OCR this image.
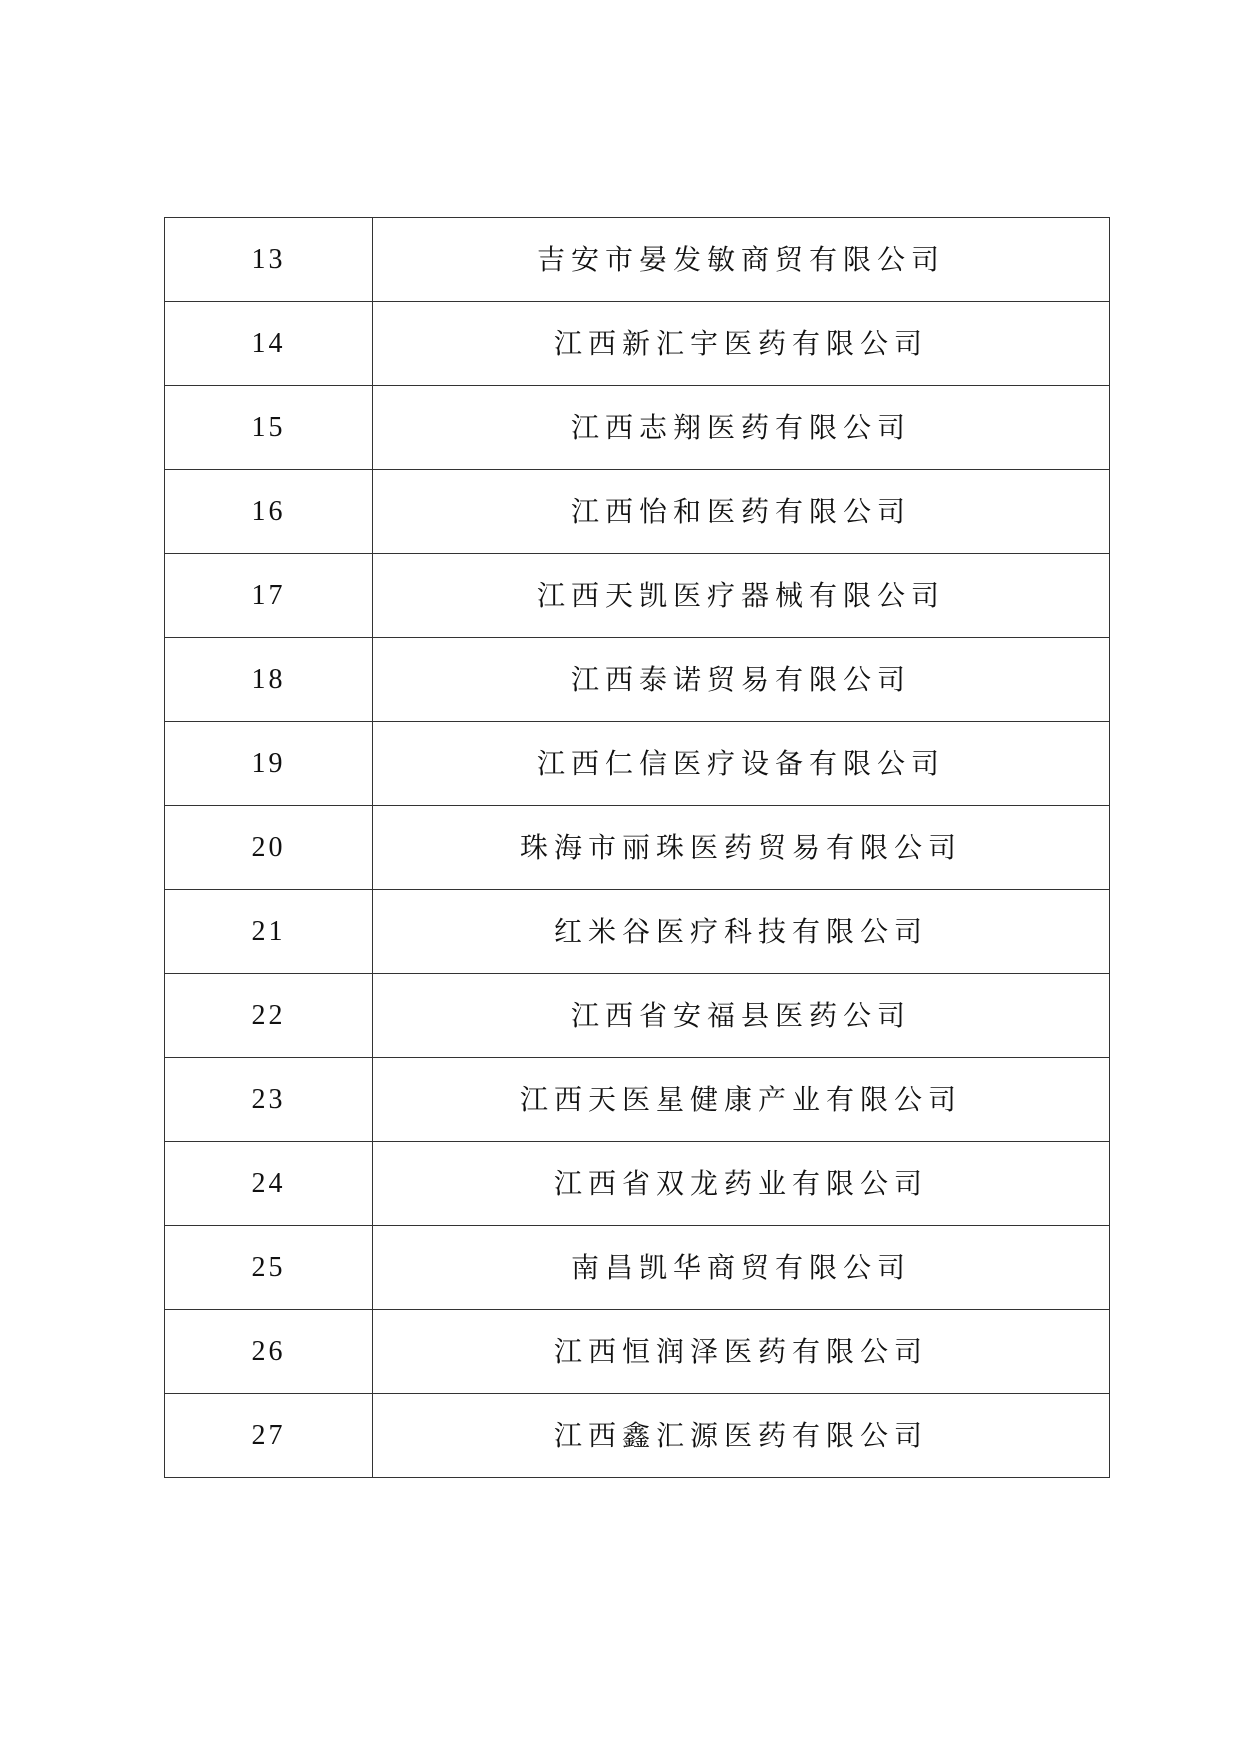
13	吉安市晏发敏商贸有限公司
14	江西新汇宇医药有限公司
15	江西志翔医药有限公司
16	江西怡和医药有限公司
17	江西天凯医疗器械有限公司
18	江西泰诺贸易有限公司
19	江西仁信医疗设备有限公司
20	珠海市丽珠医药贸易有限公司
21	红米谷医疗科技有限公司
22	江西省安福县医药公司
23	江西天医星健康产业有限公司
24	江西省双龙药业有限公司
25	南昌凯华商贸有限公司
26	江西恒润泽医药有限公司
27	江西鑫汇源医药有限公司
